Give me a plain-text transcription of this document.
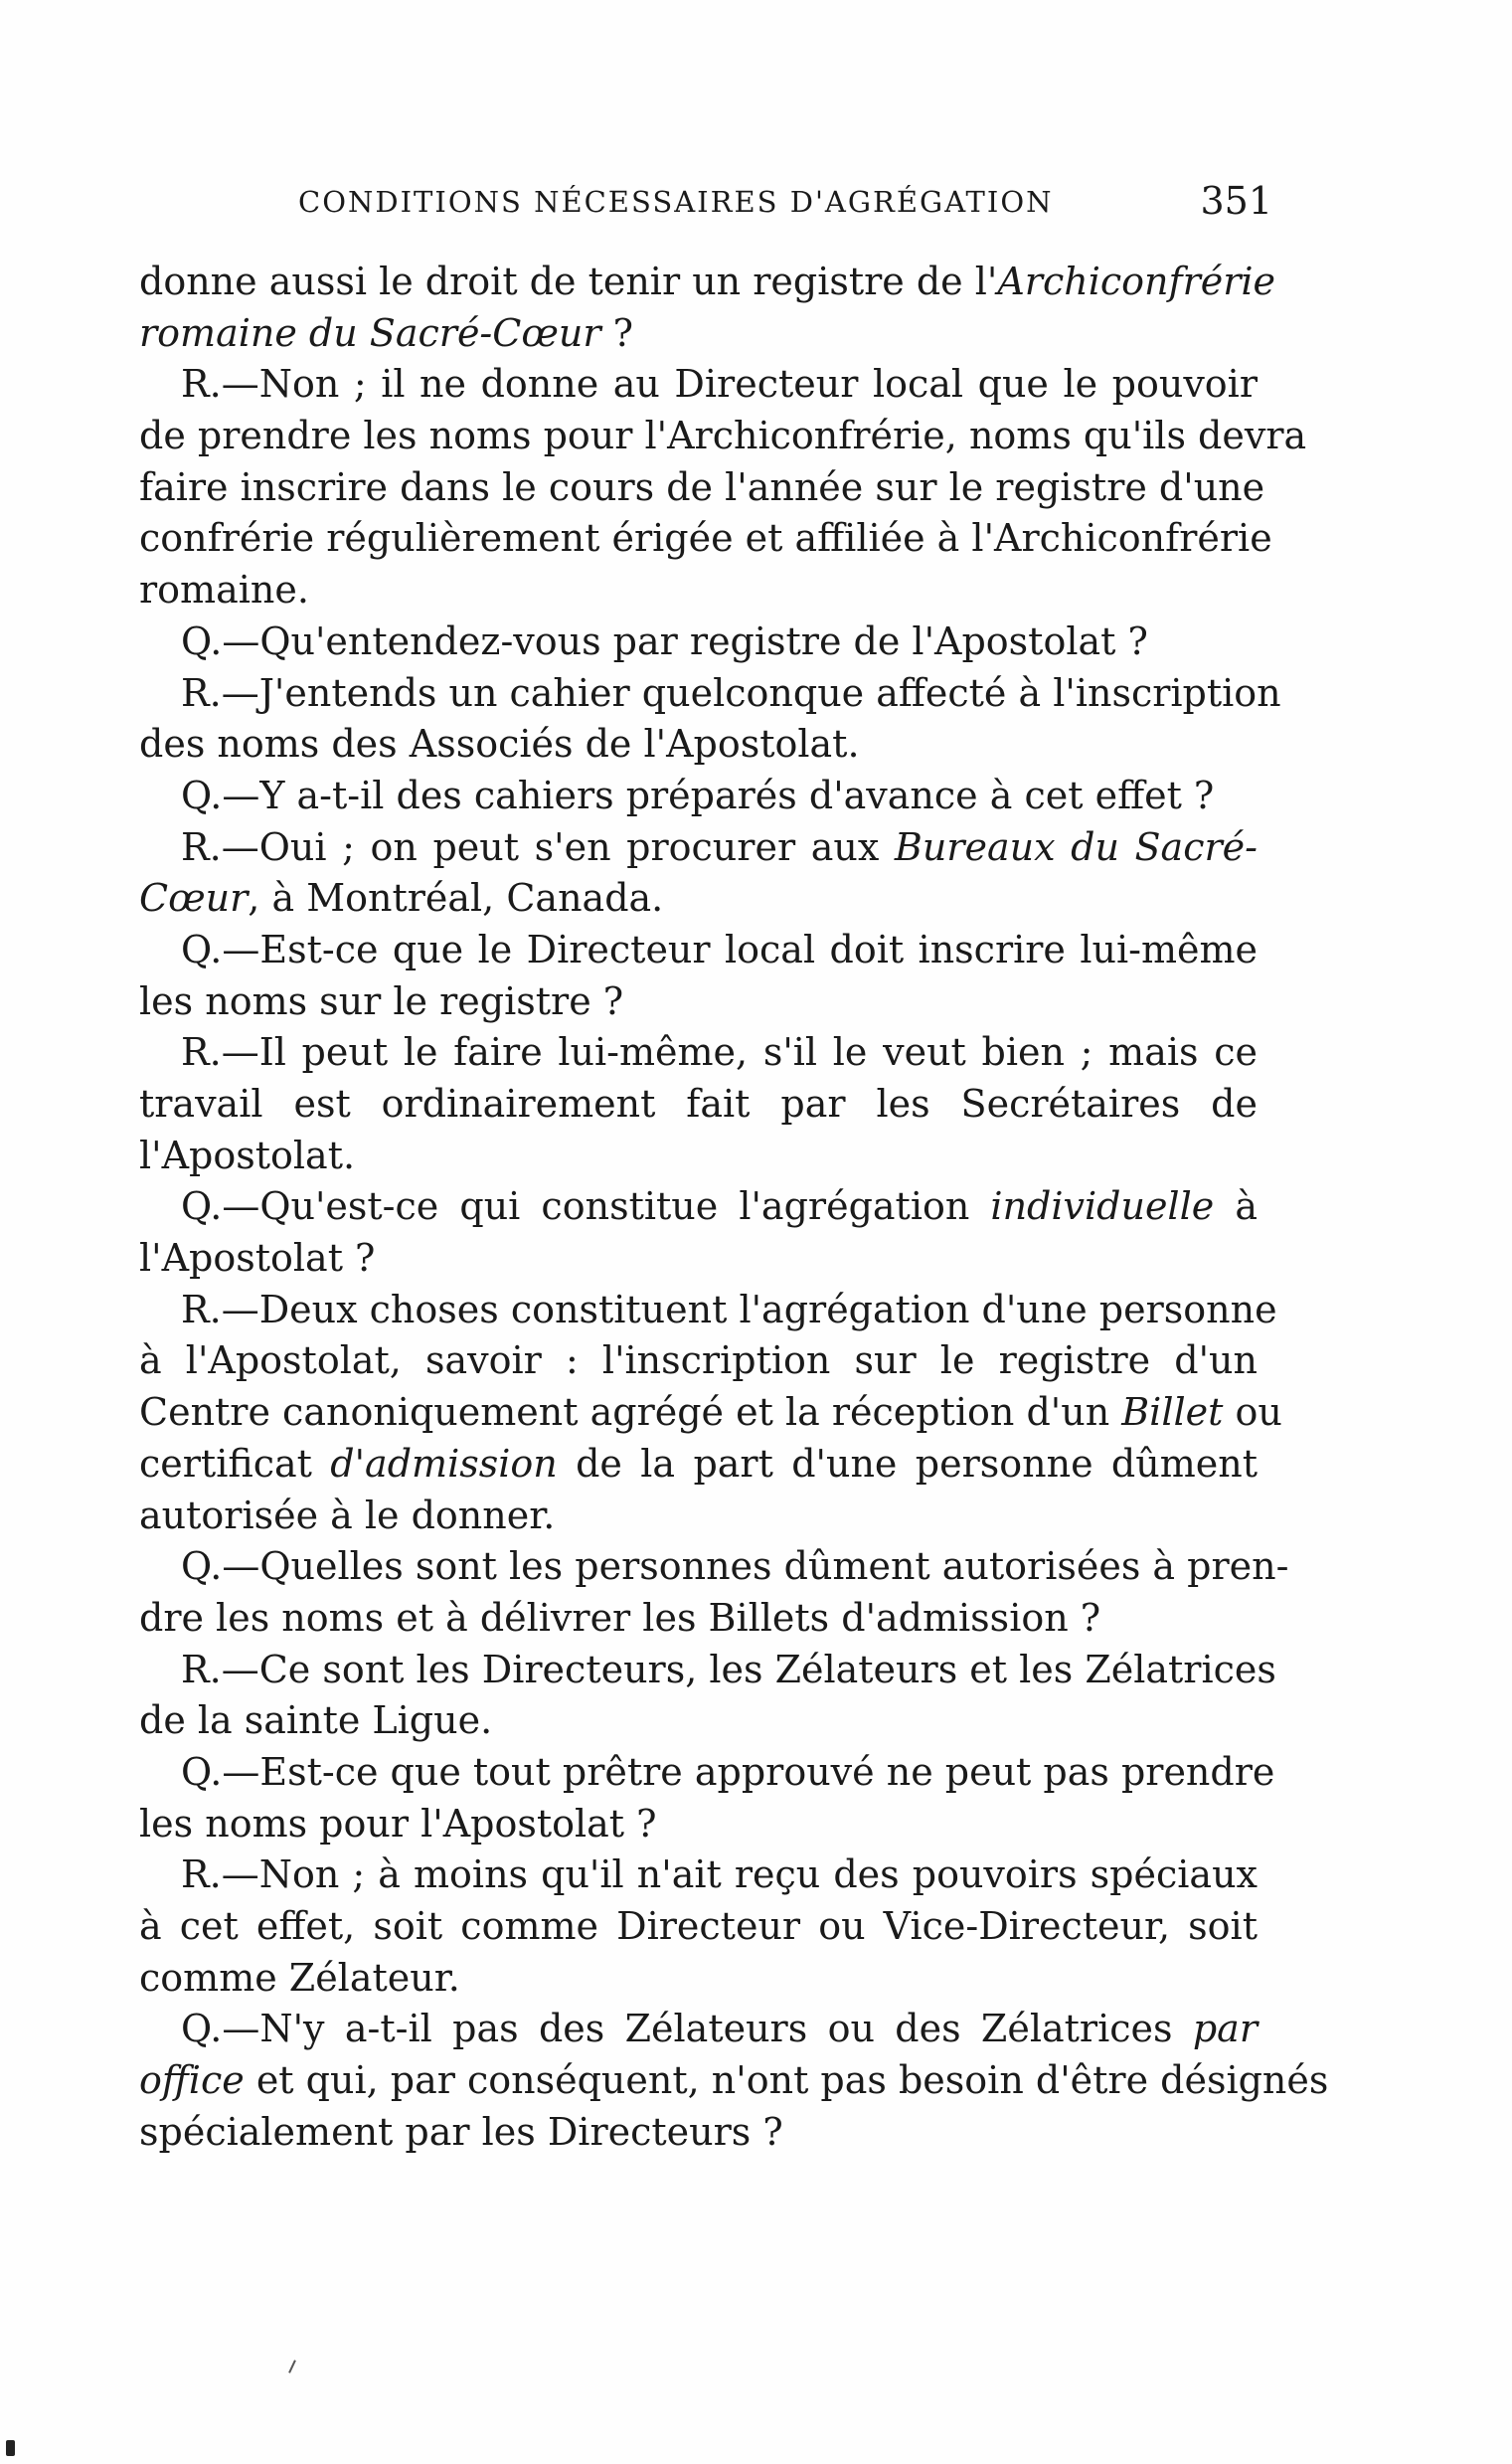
CONDITIONS NÉCESSAIRES D'AGRÉGATION	351
donne aussi le droit de tenir un registre de l'Archiconfrérie
romaine du Sacré-Cœur ?
R.—Non ; il ne donne au Directeur local que le pouvoir
de prendre les noms pour l'Archiconfrérie, noms qu'ils devra
faire inscrire dans le cours de l'année sur le registre d'une
confrérie régulièrement érigée et affiliée à l'Archiconfrérie
romaine.
Q.—Qu'entendez-vous par registre de l'Apostolat ?
R.—J'entends un cahier quelconque affecté à l'inscription
des noms des Associés de l'Apostolat.
Q.—Y a-t-il des cahiers préparés d'avance à cet effet ?
R.—Oui ; on peut s'en procurer aux Bureaux du Sacré-
Cœur, à Montréal, Canada.
Q.—Est-ce que le Directeur local doit inscrire lui-même
les noms sur le registre ?
R.—Il peut le faire lui-même, s'il le veut bien ; mais ce
travail est ordinairement fait par les Secrétaires de
l'Apostolat.
Q.—Qu'est-ce qui constitue l'agrégation individuelle à
l'Apostolat ?
R.—Deux choses constituent l'agrégation d'une personne
à l'Apostolat, savoir : l'inscription sur le registre d'un
Centre canoniquement agrégé et la réception d'un Billet ou
certificat d'admission de la part d'une personne dûment
autorisée à le donner.
Q.—Quelles sont les personnes dûment autorisées à pren-
dre les noms et à délivrer les Billets d'admission ?
R.—Ce sont les Directeurs, les Zélateurs et les Zélatrices
de la sainte Ligue.
Q.—Est-ce que tout prêtre approuvé ne peut pas prendre
les noms pour l'Apostolat ?
R.—Non ; à moins qu'il n'ait reçu des pouvoirs spéciaux
à cet effet, soit comme Directeur ou Vice-Directeur, soit
comme Zélateur.
Q.—N'y a-t-il pas des Zélateurs ou des Zélatrices par
office et qui, par conséquent, n'ont pas besoin d'être désignés
spécialement par les Directeurs ?
